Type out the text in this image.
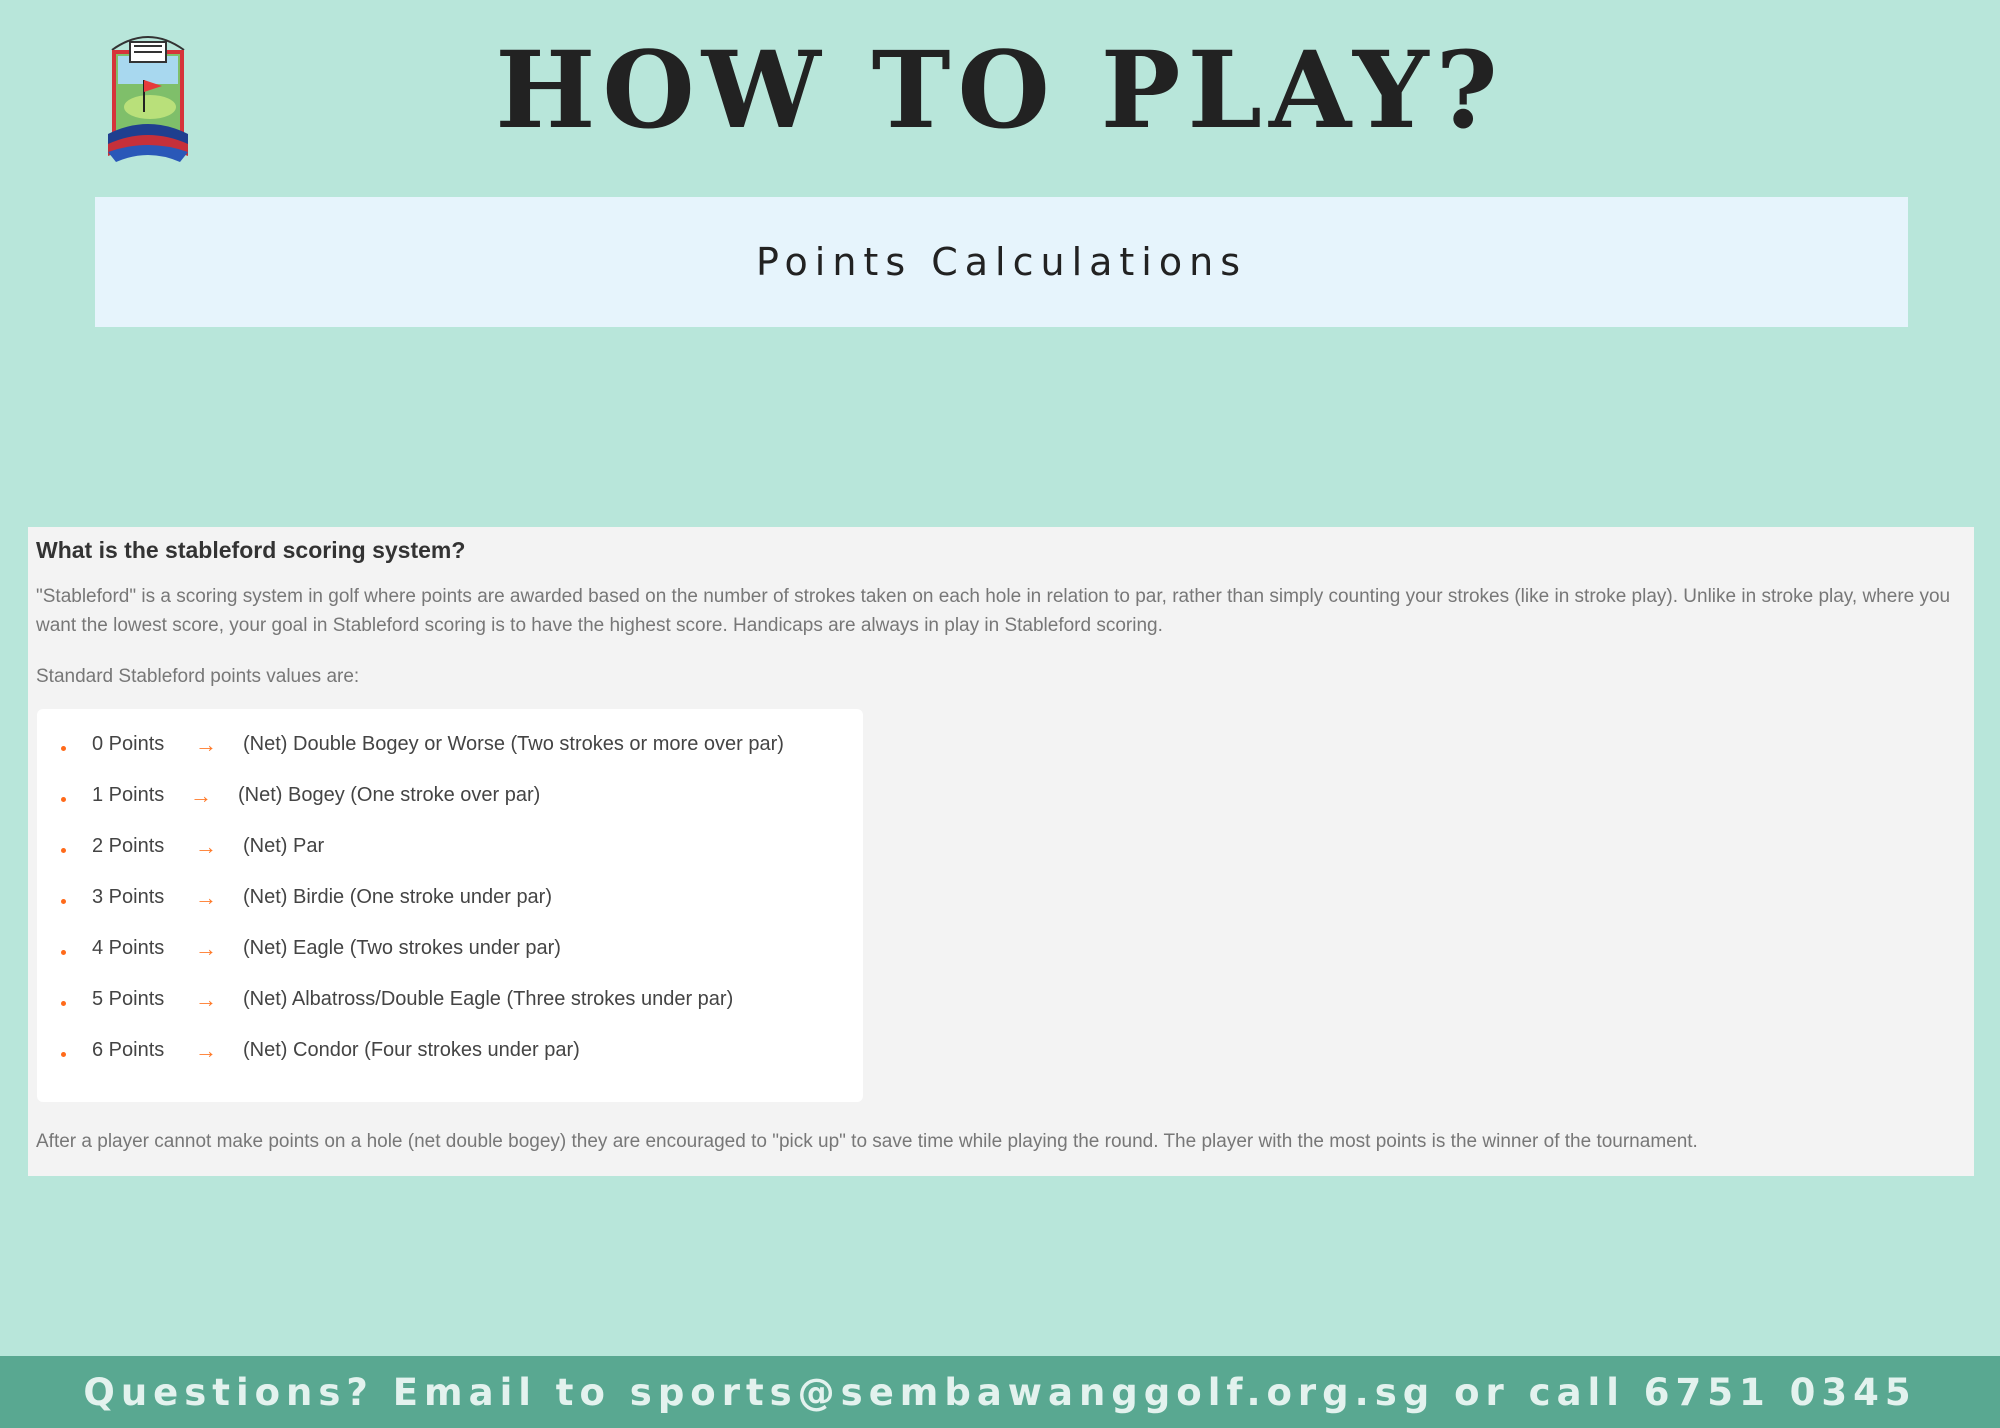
HOW TO PLAY?
Points Calculations
What is the stableford scoring system?
"Stableford" is a scoring system in golf where points are awarded based on the number of strokes taken on each hole in relation to par, rather than simply counting your strokes (like in stroke play). Unlike in stroke play, where you want the lowest score, your goal in Stableford scoring is to have the highest score. Handicaps are always in play in Stableford scoring.
Standard Stableford points values are:
0 Points → (Net) Double Bogey or Worse (Two strokes or more over par)
1 Points → (Net) Bogey (One stroke over par)
2 Points → (Net) Par
3 Points → (Net) Birdie (One stroke under par)
4 Points → (Net) Eagle (Two strokes under par)
5 Points → (Net) Albatross/Double Eagle (Three strokes under par)
6 Points → (Net) Condor (Four strokes under par)
After a player cannot make points on a hole (net double bogey) they are encouraged to "pick up" to save time while playing the round. The player with the most points is the winner of the tournament.
Questions? Email to sports@sembawanggolf.org.sg or call 6751 0345
